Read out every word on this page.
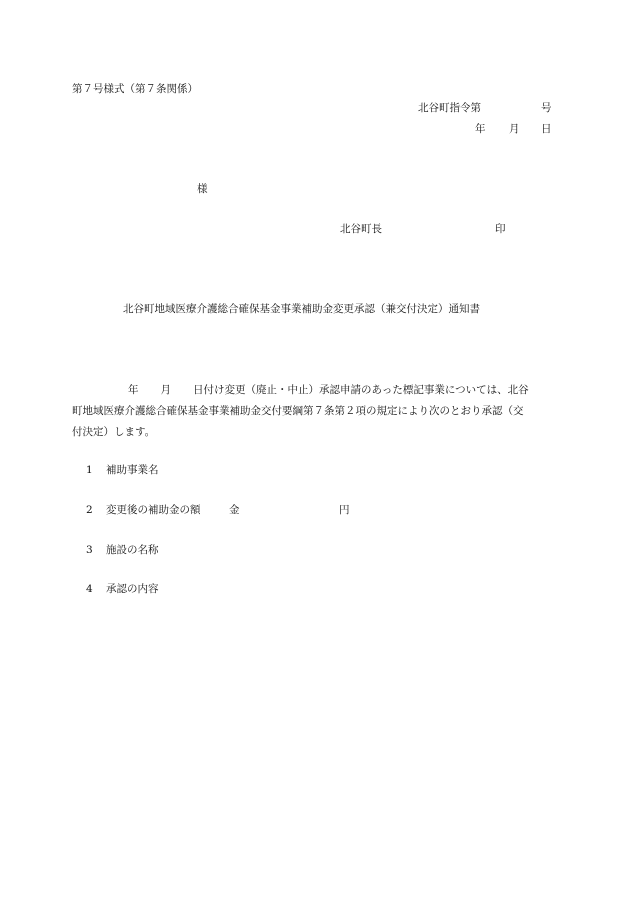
第７号様式（第７条関係）
北谷町指令第	号
年 月 日
様
北谷町長	印
北谷町地域医療介護総合確保基金事業補助金変更承認（兼交付決定）通知書
年 月 日付け変更（廃止・中止）承認申請のあった標記事業については、北谷
町地域医療介護総合確保基金事業補助金交付要綱第７条第２項の規定により次のとおり承認（交
付決定）します。
1 補助事業名
2 変更後の補助金の額	金	円
3 施設の名称
4 承認の内容
